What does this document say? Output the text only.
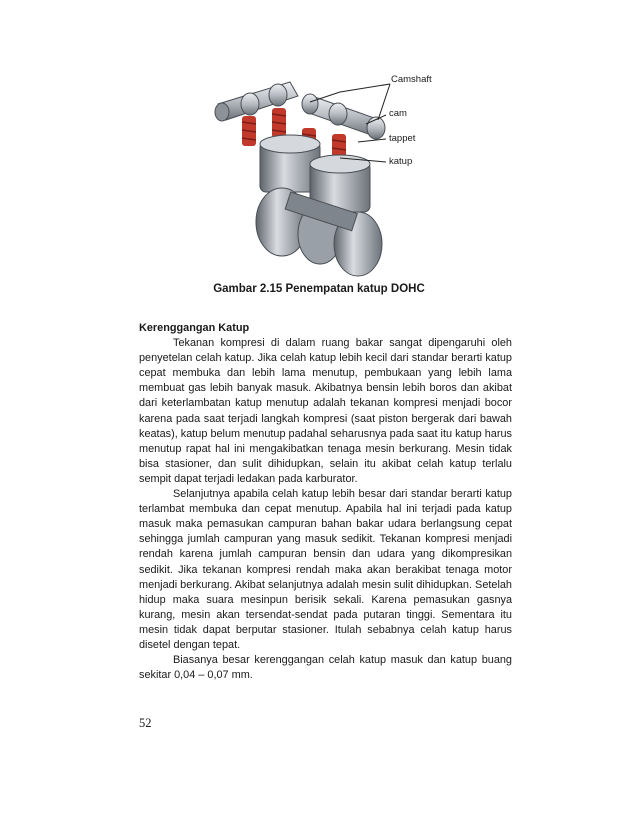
Camshaft
cam
tappet
katup
Gambar 2.15 Penempatan katup DOHC

Kerenggangan Katup

Tekanan kompresi di dalam ruang bakar sangat dipengaruhi oleh penyetelan celah katup. Jika celah katup lebih kecil dari standar berarti katup cepat membuka dan lebih lama menutup, pembukaan yang lebih lama membuat gas lebih banyak masuk. Akibatnya bensin lebih boros dan akibat dari keterlambatan katup menutup adalah tekanan kompresi menjadi bocor karena pada saat terjadi langkah kompresi (saat piston bergerak dari bawah keatas), katup belum menutup padahal seharusnya pada saat itu katup harus menutup rapat hal ini mengakibatkan tenaga mesin berkurang. Mesin tidak bisa stasioner, dan sulit dihidupkan, selain itu akibat celah katup terlalu sempit dapat terjadi ledakan pada karburator.

Selanjutnya apabila celah katup lebih besar dari standar berarti katup terlambat membuka dan cepat menutup. Apabila hal ini terjadi pada katup masuk maka pemasukan campuran bahan bakar udara berlangsung cepat sehingga jumlah campuran yang masuk sedikit. Tekanan kompresi menjadi rendah karena jumlah campuran bensin dan udara yang dikompresikan sedikit. Jika tekanan kompresi rendah maka akan berakibat tenaga motor menjadi berkurang. Akibat selanjutnya adalah mesin sulit dihidupkan. Setelah hidup maka suara mesinpun berisik sekali. Karena pemasukan gasnya kurang, mesin akan tersendat-sendat pada putaran tinggi. Sementara itu mesin tidak dapat berputar stasioner. Itulah sebabnya celah katup harus disetel dengan tepat.

Biasanya besar kerenggangan celah katup masuk dan katup buang sekitar 0,04 – 0,07 mm.

52
